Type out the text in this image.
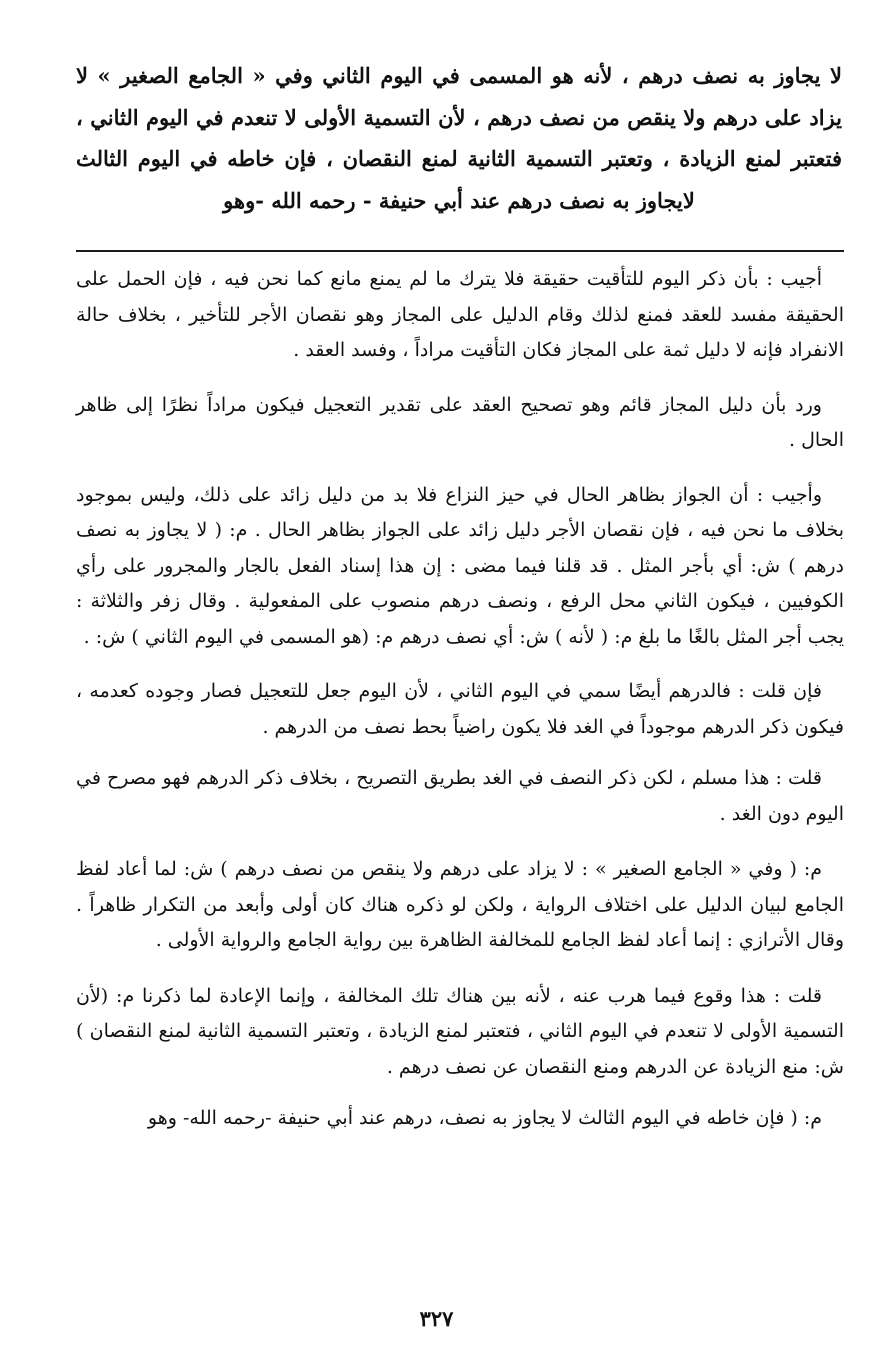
لا يجاوز به نصف درهم ، لأنه هو المسمى في اليوم الثاني وفي « الجامع الصغير » لا يزاد على درهم ولا ينقص من نصف درهم ، لأن التسمية الأولى لا تنعدم في اليوم الثاني ، فتعتبر لمنع الزيادة ، وتعتبر التسمية الثانية لمنع النقصان ، فإن خاطه في اليوم الثالث لايجاوز به نصف درهم عند أبي حنيفة - رحمه الله -وهو

أجيب : بأن ذكر اليوم للتأقيت حقيقة فلا يترك ما لم يمنع مانع كما نحن فيه ، فإن الحمل على الحقيقة مفسد للعقد فمنع لذلك وقام الدليل على المجاز وهو نقصان الأجر للتأخير ، بخلاف حالة الانفراد فإنه لا دليل ثمة على المجاز فكان التأقيت مراداً ، وفسد العقد .

ورد بأن دليل المجاز قائم وهو تصحيح العقد على تقدير التعجيل فيكون مراداً نظرًا إلى ظاهر الحال .

وأجيب : أن الجواز بظاهر الحال في حيز النزاع فلا بد من دليل زائد على ذلك، وليس بموجود بخلاف ما نحن فيه ، فإن نقصان الأجر دليل زائد على الجواز بظاهر الحال . م: ( لا يجاوز به نصف درهم ) ش: أي بأجر المثل . قد قلنا فيما مضى : إن هذا إسناد الفعل بالجار والمجرور على رأي الكوفيين ، فيكون الثاني محل الرفع ، ونصف درهم منصوب على المفعولية . وقال زفر والثلاثة : يجب أجر المثل بالغًا ما بلغ م: ( لأنه ) ش: أي نصف درهم م: (هو المسمى في اليوم الثاني ) ش: .

فإن قلت : فالدرهم أيضًا سمي في اليوم الثاني ، لأن اليوم جعل للتعجيل فصار وجوده كعدمه ، فيكون ذكر الدرهم موجوداً في الغد فلا يكون راضياً بحط نصف من الدرهم .

قلت : هذا مسلم ، لكن ذكر النصف في الغد بطريق التصريح ، بخلاف ذكر الدرهم فهو مصرح في اليوم دون الغد .

م: ( وفي « الجامع الصغير » : لا يزاد على درهم ولا ينقص من نصف درهم ) ش: لما أعاد لفظ الجامع لبيان الدليل على اختلاف الرواية ، ولكن لو ذكره هناك كان أولى وأبعد من التكرار ظاهراً . وقال الأترازي : إنما أعاد لفظ الجامع للمخالفة الظاهرة بين رواية الجامع والرواية الأولى .

قلت : هذا وقوع فيما هرب عنه ، لأنه بين هناك تلك المخالفة ، وإنما الإعادة لما ذكرنا م: (لأن التسمية الأولى لا تنعدم في اليوم الثاني ، فتعتبر لمنع الزيادة ، وتعتبر التسمية الثانية لمنع النقصان ) ش: منع الزيادة عن الدرهم ومنع النقصان عن نصف درهم .

م: ( فإن خاطه في اليوم الثالث لا يجاوز به نصف، درهم عند أبي حنيفة -رحمه الله- وهو

٣٢٧
